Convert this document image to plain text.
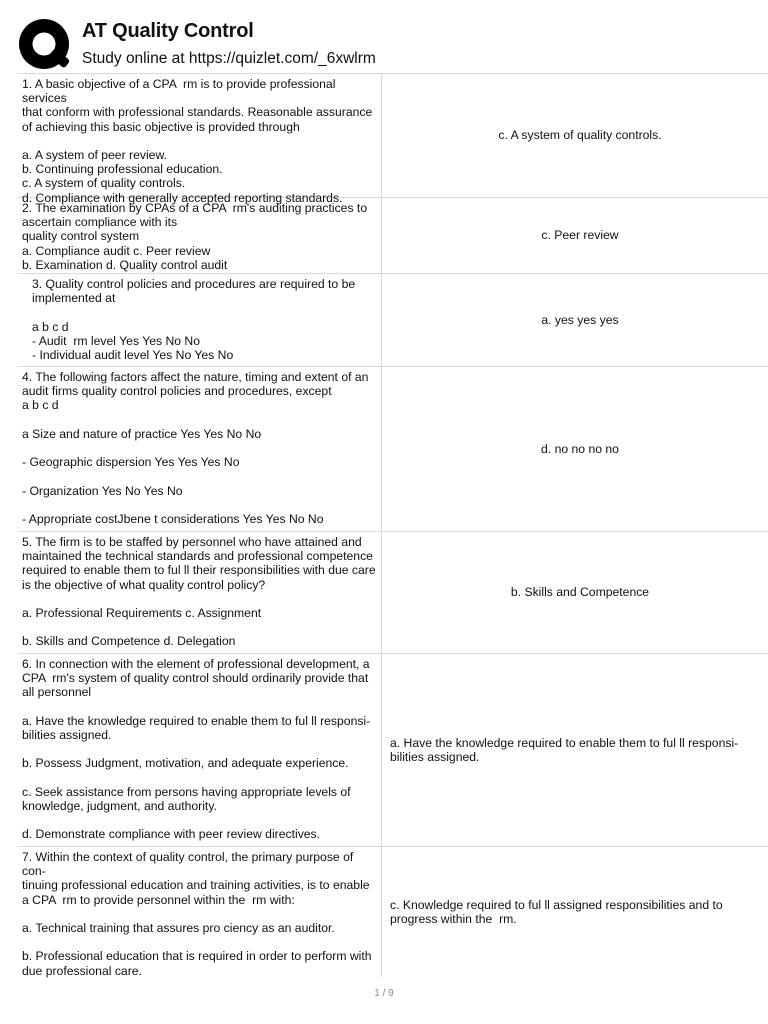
AT Quality Control
Study online at https://quizlet.com/_6xwlrm
1. A basic objective of a CPA  rm is to provide professional services
that conform with professional standards. Reasonable assurance
of achieving this basic objective is provided through

a. A system of peer review.
b. Continuing professional education.
c. A system of quality controls.
d. Compliance with generally accepted reporting standards.
c. A system of quality controls.
2. The examination by CPAs of a CPA  rm's auditing practices to
ascertain compliance with its
quality control system
a. Compliance audit c. Peer review
b. Examination d. Quality control audit
c. Peer review
3. Quality control policies and procedures are required to be
implemented at

a b c d
- Audit  rm level Yes Yes No No
- Individual audit level Yes No Yes No
a. yes yes yes
4. The following factors affect the nature, timing and extent of an
audit firms quality control policies and procedures, except
a b c d

a Size and nature of practice Yes Yes No No

- Geographic dispersion Yes Yes Yes No

- Organization Yes No Yes No

- Appropriate costJbene t considerations Yes Yes No No
d. no no no no
5. The firm is to be staffed by personnel who have attained and
maintained the technical standards and professional competence
required to enable them to ful ll their responsibilities with due care
is the objective of what quality control policy?

a. Professional Requirements c. Assignment

b. Skills and Competence d. Delegation
b. Skills and Competence
6. In connection with the element of professional development, a
CPA  rm's system of quality control should ordinarily provide that
all personnel

a. Have the knowledge required to enable them to ful ll responsi-
bilities assigned.

b. Possess Judgment, motivation, and adequate experience.

c. Seek assistance from persons having appropriate levels of
knowledge, judgment, and authority.

d. Demonstrate compliance with peer review directives.
a. Have the knowledge required to enable them to ful ll responsi-
bilities assigned.
7. Within the context of quality control, the primary purpose of con-
tinuing professional education and training activities, is to enable
a CPA  rm to provide personnel within the  rm with:

a. Technical training that assures pro ciency as an auditor.

b. Professional education that is required in order to perform with
due professional care.
c. Knowledge required to ful ll assigned responsibilities and to
progress within the  rm.
1 / 9
